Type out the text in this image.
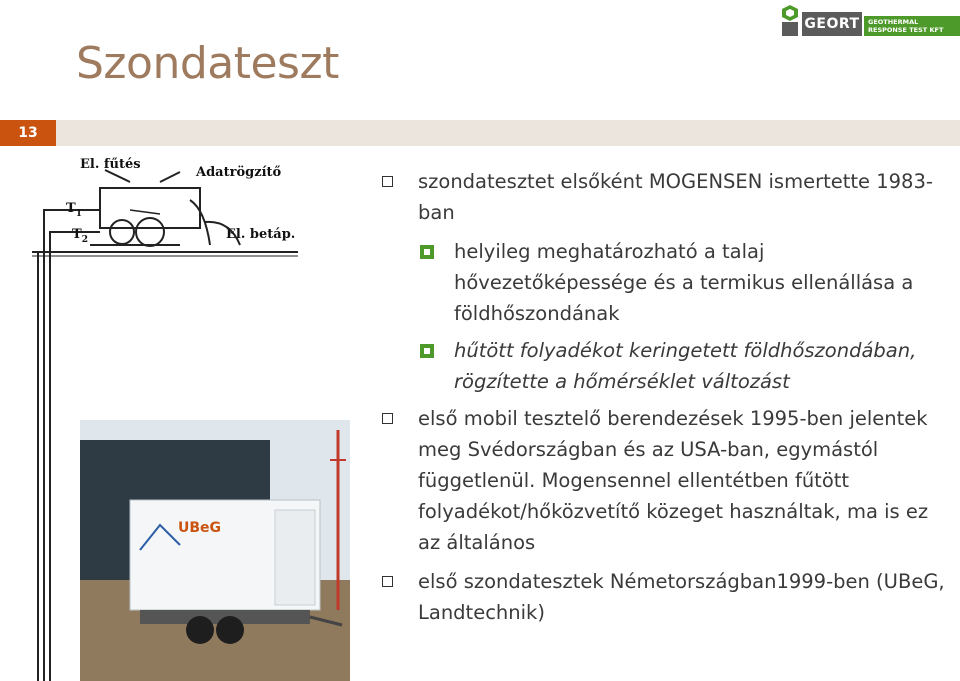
Szondateszt
GEORT	GEOTHERMAL
RESPONSE TEST KFT
13
El. fűtés
Adatrögzítő
$T_1$
$T_2$	El. betáp.
UBeG
szondatesztet elsőként MOGENSEN ismertette 1983-ban
helyileg meghatározható a talaj hővezetőképessége és a termikus ellenállása a földhőszondának
hűtött folyadékot keringetett földhőszondában, rögzítette a hőmérséklet változást
első mobil tesztelő berendezések 1995-ben jelentek meg Svédországban és az USA-ban, egymástól függetlenül. Mogensennel ellentétben fűtött folyadékot/hőközvetítő közeget használtak, ma is ez az általános
első szondatesztek Németországban1999-ben (UBeG, Landtechnik)
